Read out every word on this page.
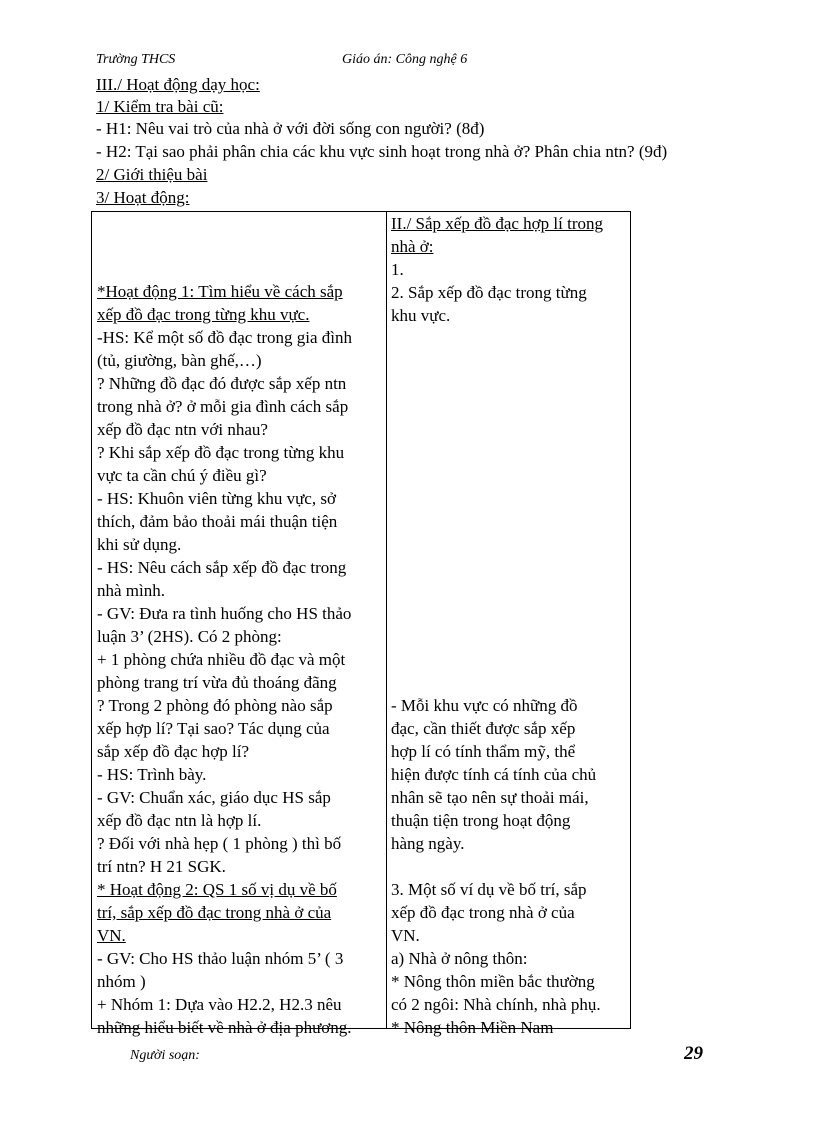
Trường THCS	Giáo án: Công nghệ 6
III./ Hoạt động dạy học:
1/ Kiểm tra bài cũ:
- H1: Nêu vai trò của nhà ở với đời sống con người? (8đ)
- H2: Tại sao phải phân chia các khu vực sinh hoạt trong nhà ở? Phân chia ntn? (9đ)
2/ Giới thiệu bài
3/ Hoạt động:
*Hoạt động 1: Tìm hiểu về cách sắp
xếp đồ đạc trong từng khu vực.
-HS: Kể một số đồ đạc trong gia đình
(tủ, giường, bàn ghế,…)
? Những đồ đạc đó được sắp xếp ntn
trong nhà ở? ở mỗi gia đình cách sắp
xếp đồ đạc ntn với nhau?
? Khi sắp xếp đồ đạc trong từng khu
vực ta cần chú ý điều gì?
- HS: Khuôn viên từng khu vực, sở
thích, đảm bảo thoải mái thuận tiện
khi sử dụng.
- HS: Nêu cách sắp xếp đồ đạc trong
nhà mình.
- GV: Đưa ra tình huống cho HS thảo
luận 3’ (2HS). Có 2 phòng:
+ 1 phòng chứa nhiều đồ đạc và một
phòng trang trí vừa đủ thoáng đãng
? Trong 2 phòng đó phòng nào sắp
xếp hợp lí? Tại sao? Tác dụng của
sắp xếp đồ đạc hợp lí?
- HS: Trình bày.
- GV: Chuẩn xác, giáo dục HS sắp
xếp đồ đạc ntn là hợp lí.
? Đối với nhà hẹp ( 1 phòng ) thì bố
trí ntn? H 21 SGK.
* Hoạt động 2: QS 1 số vị dụ về bố
trí, sắp xếp đồ đạc trong nhà ở của
VN.
- GV: Cho HS thảo luận nhóm 5’ ( 3
nhóm )
+ Nhóm 1: Dựa vào H2.2, H2.3 nêu
những hiểu biết về nhà ở địa phương.
II./ Sắp xếp đồ đạc hợp lí trong
nhà ở:
1.
2. Sắp xếp đồ đạc trong từng
khu vực.
- Mỗi khu vực có những đồ
đạc, cần thiết được sắp xếp
hợp lí có tính thẩm mỹ, thể
hiện được tính cá tính của chủ
nhân sẽ tạo nên sự thoải mái,
thuận tiện trong hoạt động
hàng ngày.
3. Một số ví dụ về bố trí, sắp
xếp đồ đạc trong nhà ở của
VN.
a) Nhà ở nông thôn:
* Nông thôn miền bắc thường
có 2 ngôi: Nhà chính, nhà phụ.
* Nông thôn Miền Nam
Người soạn:	29
